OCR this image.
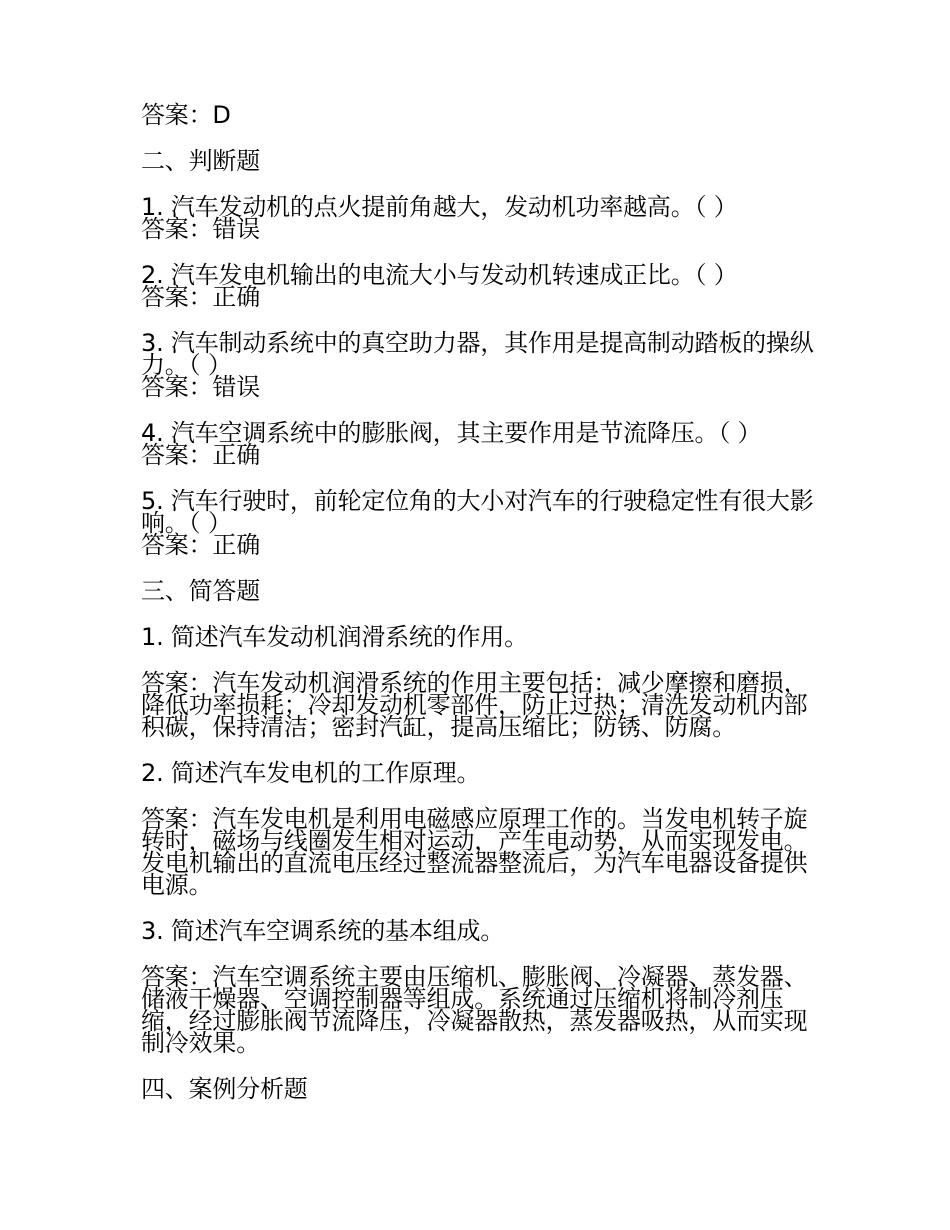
答案：D

二、判断题

1. 汽车发动机的点火提前角越大，发动机功率越高。（ ）

答案：错误

2. 汽车发电机输出的电流大小与发动机转速成正比。（ ）

答案：正确

3. 汽车制动系统中的真空助力器，其作用是提高制动踏板的操纵力。（ ）

答案：错误

4. 汽车空调系统中的膨胀阀，其主要作用是节流降压。（ ）

答案：正确

5. 汽车行驶时，前轮定位角的大小对汽车的行驶稳定性有很大影响。（ ）

答案：正确

三、简答题

1. 简述汽车发动机润滑系统的作用。

答案：汽车发动机润滑系统的作用主要包括：减少摩擦和磨损，降低功率损耗；冷却发动机零部件，防止过热；清洗发动机内部积碳，保持清洁；密封汽缸，提高压缩比；防锈、防腐。

2. 简述汽车发电机的工作原理。

答案：汽车发电机是利用电磁感应原理工作的。当发电机转子旋转时，磁场与线圈发生相对运动，产生电动势，从而实现发电。发电机输出的直流电压经过整流器整流后，为汽车电器设备提供电源。

3. 简述汽车空调系统的基本组成。

答案：汽车空调系统主要由压缩机、膨胀阀、冷凝器、蒸发器、储液干燥器、空调控制器等组成。系统通过压缩机将制冷剂压缩，经过膨胀阀节流降压，冷凝器散热，蒸发器吸热，从而实现制冷效果。

四、案例分析题
